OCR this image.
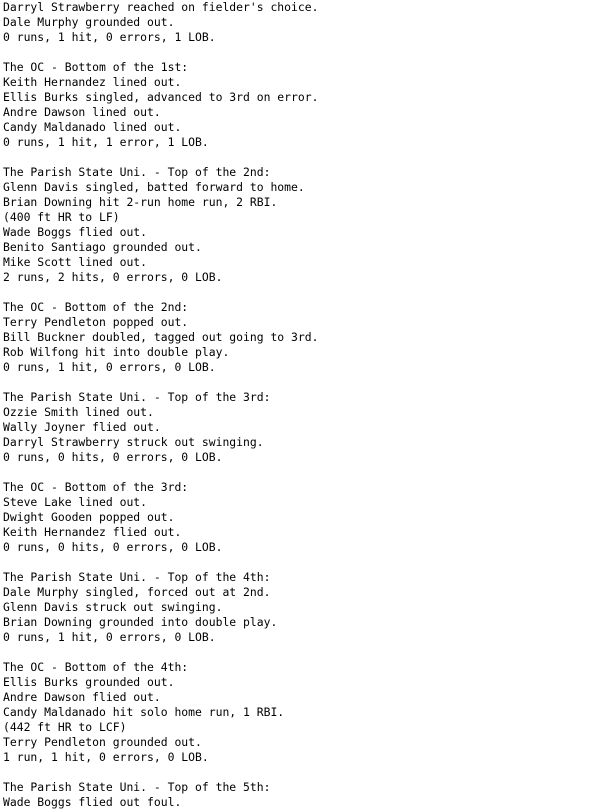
Darryl Strawberry reached on fielder's choice.
Dale Murphy grounded out.
0 runs, 1 hit, 0 errors, 1 LOB.
The OC - Bottom of the 1st:
Keith Hernandez lined out.
Ellis Burks singled, advanced to 3rd on error.
Andre Dawson lined out.
Candy Maldanado lined out.
0 runs, 1 hit, 1 error, 1 LOB.
The Parish State Uni. - Top of the 2nd:
Glenn Davis singled, batted forward to home.
Brian Downing hit 2-run home run, 2 RBI.
(400 ft HR to LF)
Wade Boggs flied out.
Benito Santiago grounded out.
Mike Scott lined out.
2 runs, 2 hits, 0 errors, 0 LOB.
The OC - Bottom of the 2nd:
Terry Pendleton popped out.
Bill Buckner doubled, tagged out going to 3rd.
Rob Wilfong hit into double play.
0 runs, 1 hit, 0 errors, 0 LOB.
The Parish State Uni. - Top of the 3rd:
Ozzie Smith lined out.
Wally Joyner flied out.
Darryl Strawberry struck out swinging.
0 runs, 0 hits, 0 errors, 0 LOB.
The OC - Bottom of the 3rd:
Steve Lake lined out.
Dwight Gooden popped out.
Keith Hernandez flied out.
0 runs, 0 hits, 0 errors, 0 LOB.
The Parish State Uni. - Top of the 4th:
Dale Murphy singled, forced out at 2nd.
Glenn Davis struck out swinging.
Brian Downing grounded into double play.
0 runs, 1 hit, 0 errors, 0 LOB.
The OC - Bottom of the 4th:
Ellis Burks grounded out.
Andre Dawson flied out.
Candy Maldanado hit solo home run, 1 RBI.
(442 ft HR to LCF)
Terry Pendleton grounded out.
1 run, 1 hit, 0 errors, 0 LOB.
The Parish State Uni. - Top of the 5th:
Wade Boggs flied out foul.
